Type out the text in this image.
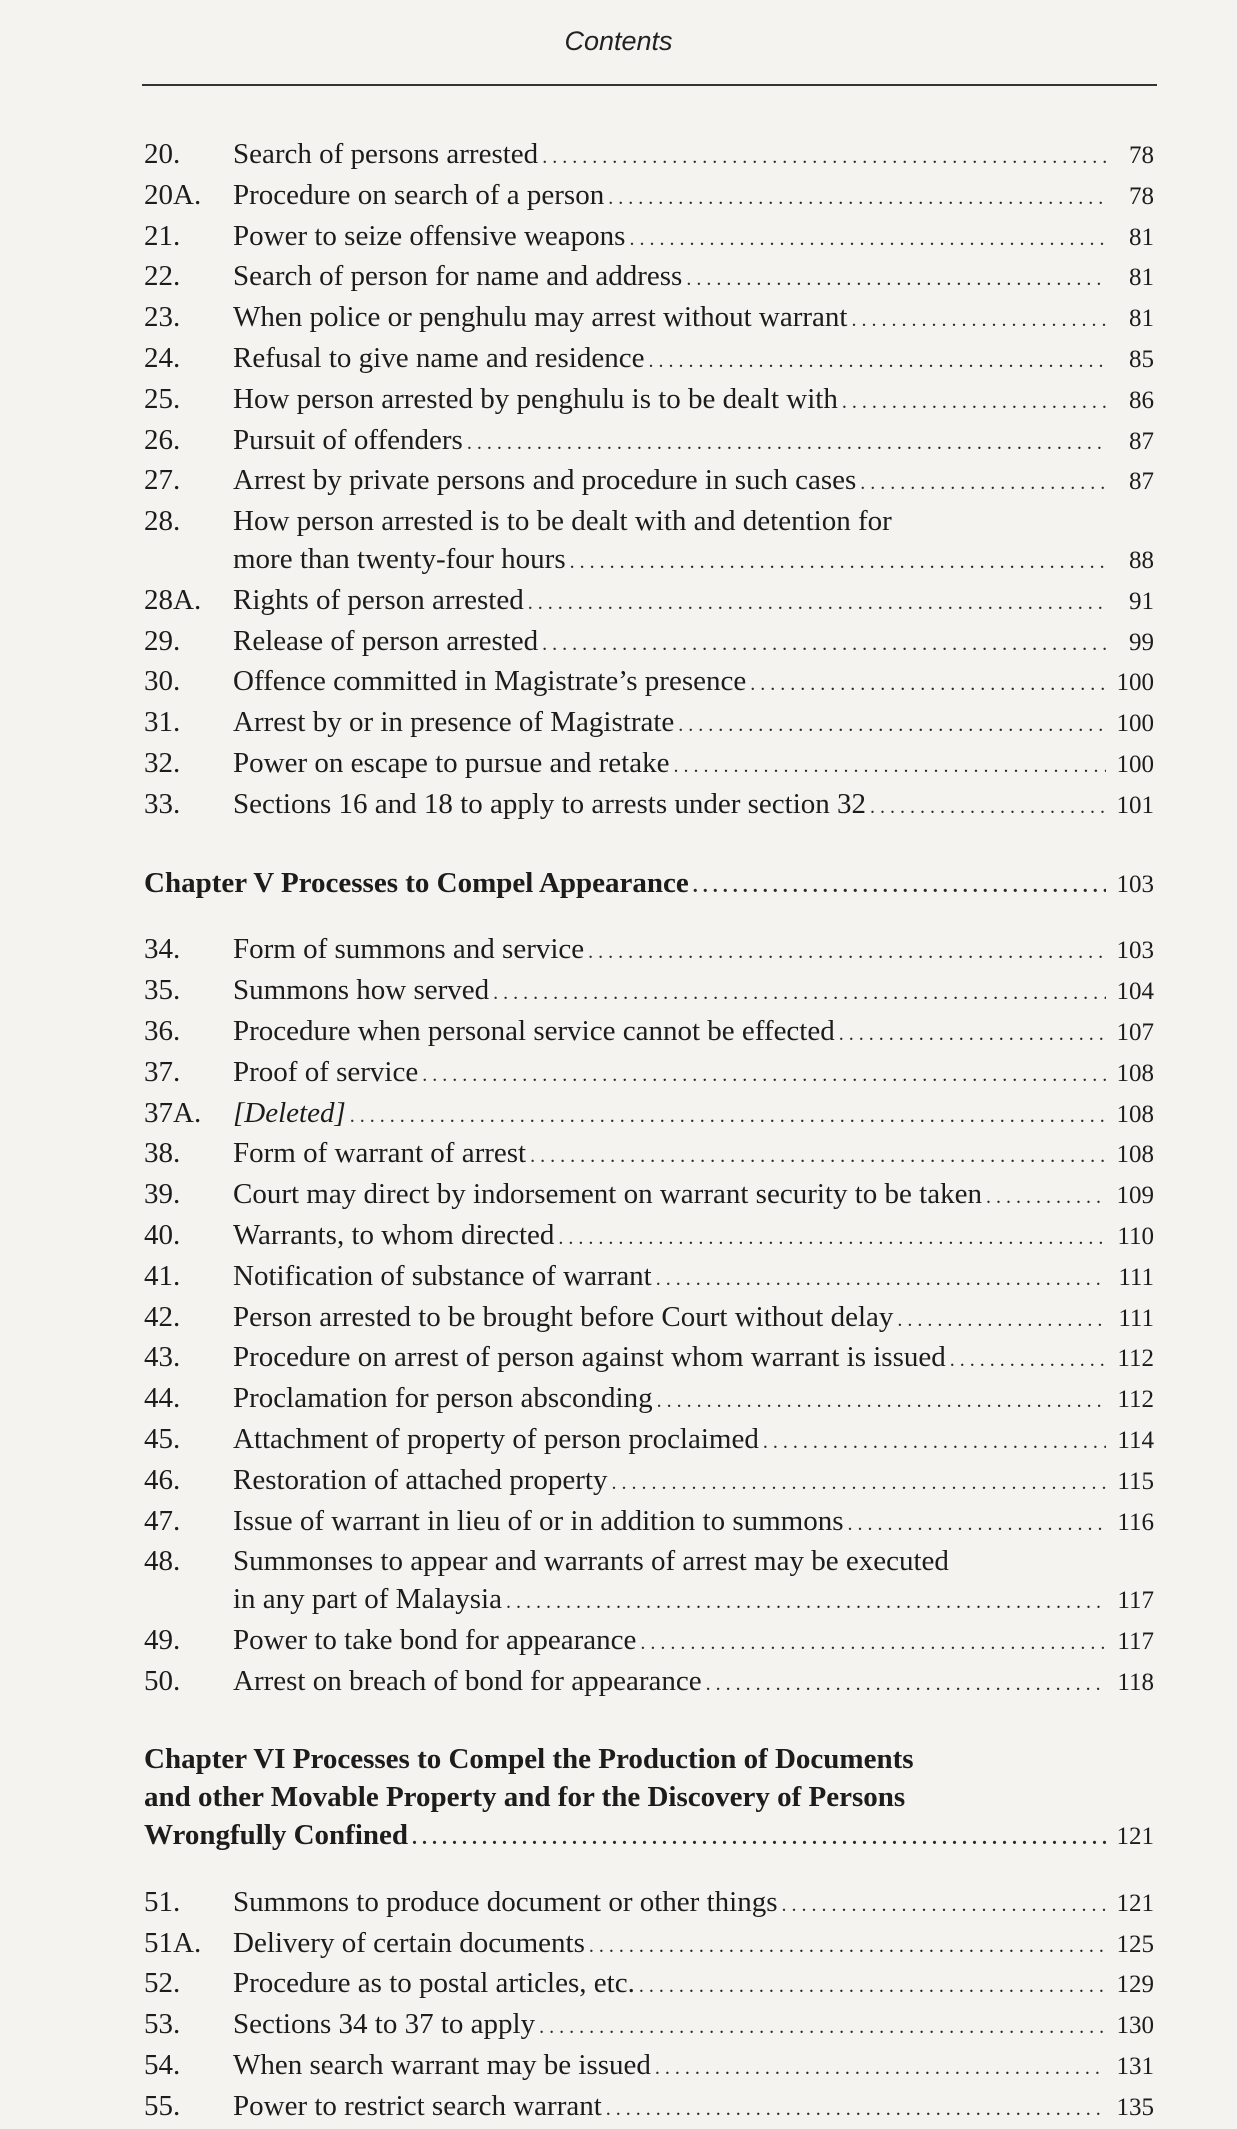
Contents
20.	Search of persons arrested . . .	78
20A.	Procedure on search of a person . . .	78
21.	Power to seize offensive weapons . . .	81
22.	Search of person for name and address . . .	81
23.	When police or penghulu may arrest without warrant . . .	81
24.	Refusal to give name and residence . . .	85
25.	How person arrested by penghulu is to be dealt with . . .	86
26.	Pursuit of offenders . . .	87
27.	Arrest by private persons and procedure in such cases . . .	87
28.	How person arrested is to be dealt with and detention for
more than twenty-four hours . . .	88
28A.	Rights of person arrested . . .	91
29.	Release of person arrested . . .	99
30.	Offence committed in Magistrate’s presence . . .	100
31.	Arrest by or in presence of Magistrate . . .	100
32.	Power on escape to pursue and retake . . .	100
33.	Sections 16 and 18 to apply to arrests under section 32 . . .	101
Chapter V Processes to Compel Appearance . . .	103
34.	Form of summons and service . . .	103
35.	Summons how served . . .	104
36.	Procedure when personal service cannot be effected . . .	107
37.	Proof of service . . .	108
37A.	[Deleted] . . .	108
38.	Form of warrant of arrest . . .	108
39.	Court may direct by indorsement on warrant security to be taken . . .	109
40.	Warrants, to whom directed . . .	110
41.	Notification of substance of warrant . . .	111
42.	Person arrested to be brought before Court without delay . . .	111
43.	Procedure on arrest of person against whom warrant is issued . . .	112
44.	Proclamation for person absconding . . .	112
45.	Attachment of property of person proclaimed . . .	114
46.	Restoration of attached property . . .	115
47.	Issue of warrant in lieu of or in addition to summons . . .	116
48.	Summonses to appear and warrants of arrest may be executed
in any part of Malaysia . . .	117
49.	Power to take bond for appearance . . .	117
50.	Arrest on breach of bond for appearance . . .	118
Chapter VI Processes to Compel the Production of Documents
and other Movable Property and for the Discovery of Persons
Wrongfully Confined . . .	121
51.	Summons to produce document or other things . . .	121
51A.	Delivery of certain documents . . .	125
52.	Procedure as to postal articles, etc. . . .	129
53.	Sections 34 to 37 to apply . . .	130
54.	When search warrant may be issued . . .	131
55.	Power to restrict search warrant . . .	135
